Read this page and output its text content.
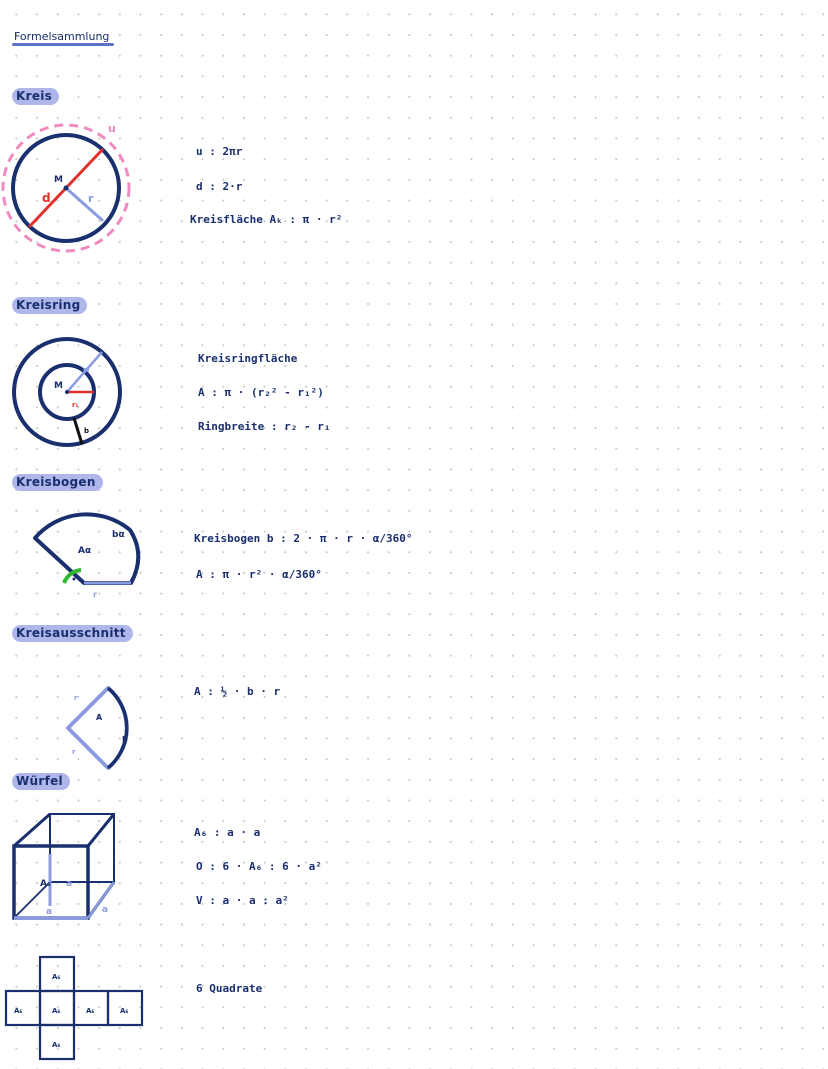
Formelsammlung
Kreis
u
M
d	r
u : 2πr
d : 2·r
Kreisfläche Aₖ : π · r²
Kreisring
M
r₂
r₁
b
Kreisringfläche
A : π · (r₂² - r₁²)
Ringbreite : r₂ - r₁
Kreisbogen
Aα
bα
r
Kreisbogen b : 2 · π · r · α/360°
A : π · r² · α/360°
Kreisausschnitt
A
b
r
r
A : ½ · b · r
Würfel
A₆ a
a	a
A₆ : a · a
O : 6 · A₆ : 6 · a²
V : a · a : a²
A₆
A₆	A₆	A₆	A₆
A₆
6 Quadrate
